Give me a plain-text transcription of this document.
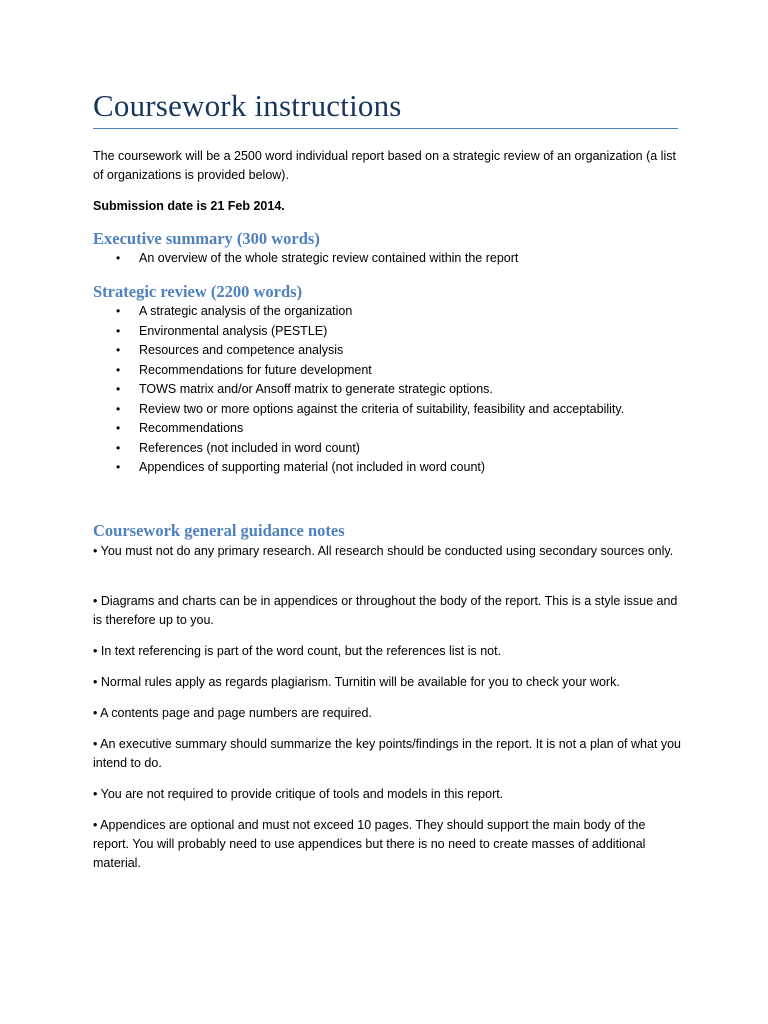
Coursework instructions

The coursework will be a 2500 word individual report based on a strategic review of an organization (a list of organizations is provided below).

Submission date is 21 Feb 2014.

Executive summary (300 words)
• An overview of the whole strategic review contained within the report
Strategic review (2200 words)
• A strategic analysis of the organization
• Environmental analysis (PESTLE)
• Resources and competence analysis
• Recommendations for future development
• TOWS matrix and/or Ansoff matrix to generate strategic options.
• Review two or more options against the criteria of suitability, feasibility and acceptability.
• Recommendations
• References (not included in word count)
• Appendices of supporting material (not included in word count)
Coursework general guidance notes

• You must not do any primary research. All research should be conducted using secondary sources only.

• Diagrams and charts can be in appendices or throughout the body of the report. This is a style issue and is therefore up to you.

• In text referencing is part of the word count, but the references list is not.

• Normal rules apply as regards plagiarism. Turnitin will be available for you to check your work.

• A contents page and page numbers are required.

• An executive summary should summarize the key points/findings in the report. It is not a plan of what you intend to do.

• You are not required to provide critique of tools and models in this report.

• Appendices are optional and must not exceed 10 pages. They should support the main body of the report. You will probably need to use appendices but there is no need to create masses of additional material.
